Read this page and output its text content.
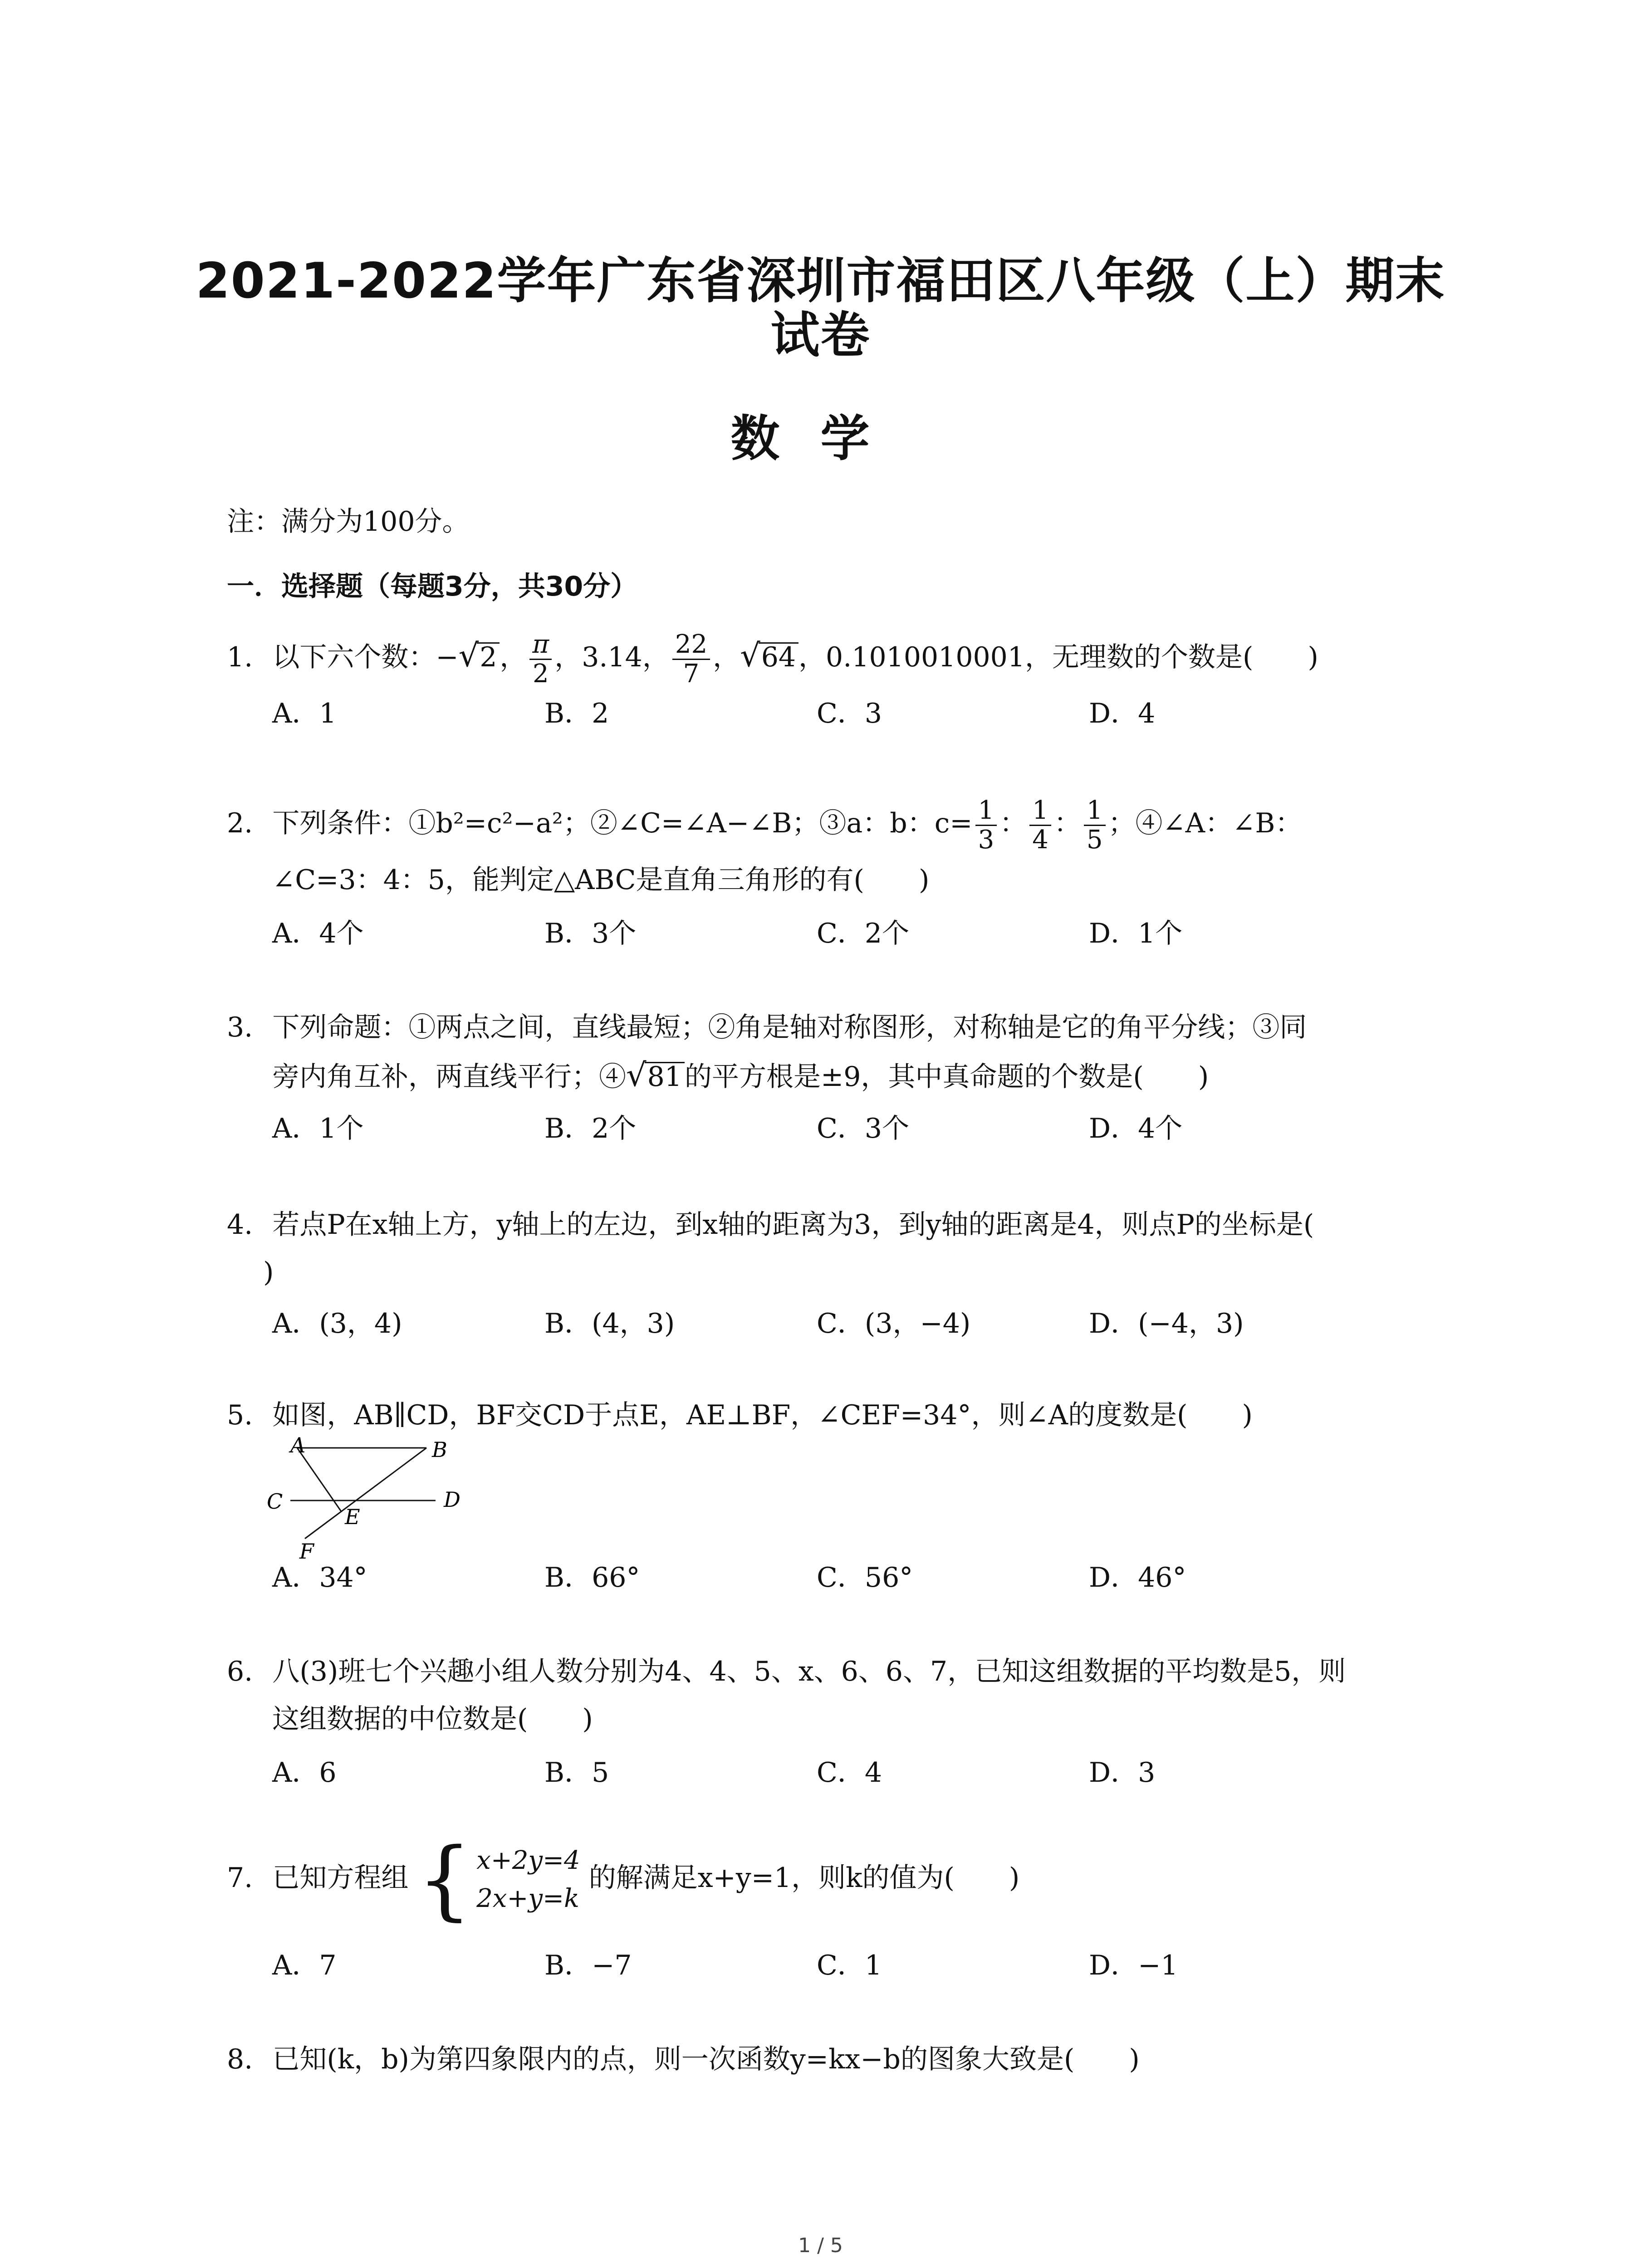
2021-2022学年广东省深圳市福田区八年级（上）期末
试卷
数学
注：满分为100分。
一．选择题（每题3分，共30分）
1. 以下六个数：−√2 ， $\frac{\pi}{2}$ ，3.14， $\frac{22}{7}$ ，√64 ，0.1010010001，无理数的个数是(　　)
A．1	B．2	C．3	D．4
2. 下列条件：①b²=c²−a²；②∠C=∠A−∠B；③a：b：$c= \frac{1}{3}$ ： $\frac{1}{4}$ ： $\frac{1}{5}$ ；④∠A：∠B：
∠C=3：4：5，能判定△ABC是直角三角形的有(　　)
A．4个	B．3个	C．2个	D．1个
3. 下列命题：①两点之间，直线最短；②角是轴对称图形，对称轴是它的角平分线；③同
旁内角互补，两直线平行；④√81 的平方根是±9，其中真命题的个数是(　　)
A．1个	B．2个	C．3个	D．4个
4. 若点P在x轴上方，y轴上的左边，到x轴的距离为3，到y轴的距离是4，则点P的坐标是(
)
A．(3，4)	B．(4，3)	C．(3，−4)	D．(−4，3)
5. 如图，AB∥CD，BF交CD于点E，AE⊥BF，∠CEF=34°，则∠A的度数是(　　)
A	B
C	D
E
F
A．34°	B．66°	C．56°	D．46°
6. 八(3)班七个兴趣小组人数分别为4、4、5、x、6、6、7，已知这组数据的平均数是5，则
这组数据的中位数是(　　)
A．6	B．5	C．4	D．3
7. 已知方程组 { x+2y=4
2x+y=k
的解满足x+y=1，则k的值为(　　)
A．7	B．−7	C．1	D．−1
8. 已知(k，b)为第四象限内的点，则一次函数y=kx−b的图象大致是(　　)
1 / 5
